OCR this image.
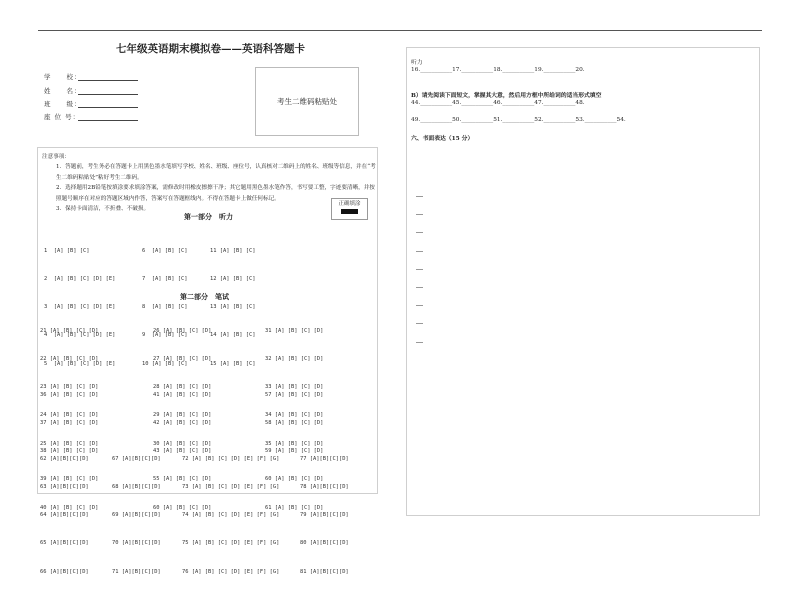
七年级英语期末模拟卷——英语科答题卡
学　　校：
姓　　名：
班　　级：
座 位 号：
考生二维码粘贴处

注意事项：

1．答题前，考生务必在答题卡上用黑色墨水笔填写学校、姓名、班级、座位号，认真核对二维码上的姓名、班级等信息，并在“考生二维码粘贴处”粘好考生二维码。

2．选择题用2B铅笔按填涂要求填涂答案，需修改时用橡皮擦擦干净；其它题用黑色墨水笔作答，书写要工整，字迹要清晰，并按照题号顺序在对应的答题区域内作答，答案写在答题框线内。不得在答题卡上做任何标记。

3．保持卡面清洁，不折叠、不破损。

正确填涂
第一部分　听力

1  [A] [B] [C]

2  [A] [B] [C] [D] [E]

3  [A] [B] [C] [D] [E]

4  [A] [B] [C] [D] [E]

5  [A] [B] [C] [D] [E]

6  [A] [B] [C]

7  [A] [B] [C]

8  [A] [B] [C]

9  [A] [B] [C]

10 [A] [B] [C]

11 [A] [B] [C]

12 [A] [B] [C]

13 [A] [B] [C]

14 [A] [B] [C]

15 [A] [B] [C]

第二部分　笔试

21 [A] [B] [C] [D]

22 [A] [B] [C] [D]

23 [A] [B] [C] [D]

24 [A] [B] [C] [D]

25 [A] [B] [C] [D]

26 [A] [B] [C] [D]

27 [A] [B] [C] [D]

28 [A] [B] [C] [D]

29 [A] [B] [C] [D]

30 [A] [B] [C] [D]

31 [A] [B] [C] [D]

32 [A] [B] [C] [D]

33 [A] [B] [C] [D]

34 [A] [B] [C] [D]

35 [A] [B] [C] [D]

36 [A] [B] [C] [D]

37 [A] [B] [C] [D]

38 [A] [B] [C] [D]

39 [A] [B] [C] [D]

40 [A] [B] [C] [D]

41 [A] [B] [C] [D]

42 [A] [B] [C] [D]

43 [A] [B] [C] [D]

55 [A] [B] [C] [D]

60 [A] [B] [C] [D]

57 [A] [B] [C] [D]

58 [A] [B] [C] [D]

59 [A] [B] [C] [D]

60 [A] [B] [C] [D]

61 [A] [B] [C] [D]

62 [A][B][C][D]

63 [A][B][C][D]

64 [A][B][C][D]

65 [A][B][C][D]

66 [A][B][C][D]

67 [A][B][C][D]

68 [A][B][C][D]

69 [A][B][C][D]

70 [A][B][C][D]

71 [A][B][C][D]

72 [A] [B] [C] [D] [E] [F] [G]

73 [A] [B] [C] [D] [E] [F] [G]

74 [A] [B] [C] [D] [E] [F] [G]

75 [A] [B] [C] [D] [E] [F] [G]

76 [A] [B] [C] [D] [E] [F] [G]

77 [A][B][C][D]

78 [A][B][C][D]

79 [A][B][C][D]

80 [A][B][C][D]

81 [A][B][C][D]

听力
16.___________17.___________18.___________19.___________20.
B）请先阅读下面短文，掌握其大意，然后用方框中所给词的适当形式填空
44.___________45.___________46.___________47.___________48.
49.___________50.___________51.___________52.___________53.___________54.
六、书面表达（15 分）
